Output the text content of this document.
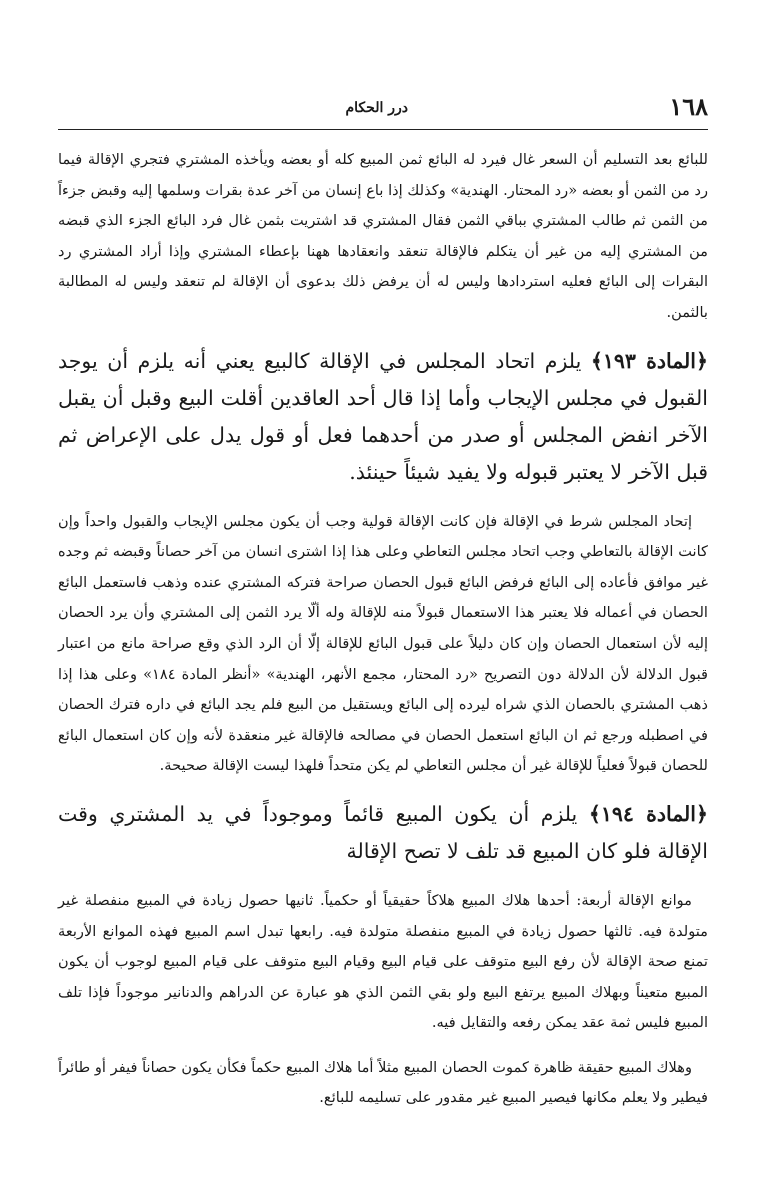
١٦٨
درر الحكام

للبائع بعد التسليم أن السعر غال فيرد له البائع ثمن المبيع كله أو بعضه ويأخذه المشتري فتجري الإقالة فيما رد من الثمن أو بعضه «رد المحتار. الهندية» وكذلك إذا باع إنسان من آخر عدة بقرات وسلمها إليه وقبض جزءاً من الثمن ثم طالب المشتري بباقي الثمن فقال المشتري قد اشتريت بثمن غال فرد البائع الجزء الذي قبضه من المشتري إليه من غير أن يتكلم فالإقالة تنعقد وانعقادها ههنا بإعطاء المشتري وإذا أراد المشتري رد البقرات إلى البائع فعليه استردادها وليس له أن يرفض ذلك بدعوى أن الإقالة لم تنعقد وليس له المطالبة بالثمن.

﴿المادة ١٩٣﴾ يلزم اتحاد المجلس في الإقالة كالبيع يعني أنه يلزم أن يوجد القبول في مجلس الإيجاب وأما إذا قال أحد العاقدين أقلت البيع وقبل أن يقبل الآخر انفض المجلس أو صدر من أحدهما فعل أو قول يدل على الإعراض ثم قبل الآخر لا يعتبر قبوله ولا يفيد شيئاً حينئذ.

إتحاد المجلس شرط في الإقالة فإن كانت الإقالة قولية وجب أن يكون مجلس الإيجاب والقبول واحداً وإن كانت الإقالة بالتعاطي وجب اتحاد مجلس التعاطي وعلى هذا إذا اشترى انسان من آخر حصاناً وقبضه ثم وجده غير موافق فأعاده إلى البائع فرفض البائع قبول الحصان صراحة فتركه المشتري عنده وذهب فاستعمل البائع الحصان في أعماله فلا يعتبر هذا الاستعمال قبولاً منه للإقالة وله ألّا يرد الثمن إلى المشتري وأن يرد الحصان إليه لأن استعمال الحصان وإن كان دليلاً على قبول البائع للإقالة إلّا أن الرد الذي وقع صراحة مانع من اعتبار قبول الدلالة لأن الدلالة دون التصريح «رد المحتار، مجمع الأنهر، الهندية» «أنظر المادة ١٨٤» وعلى هذا إذا ذهب المشتري بالحصان الذي شراه ليرده إلى البائع ويستقيل من البيع فلم يجد البائع في داره فترك الحصان في اصطبله ورجع ثم ان البائع استعمل الحصان في مصالحه فالإقالة غير منعقدة لأنه وإن كان استعمال البائع للحصان قبولاً فعلياً للإقالة غير أن مجلس التعاطي لم يكن متحداً فلهذا ليست الإقالة صحيحة.

﴿المادة ١٩٤﴾ يلزم أن يكون المبيع قائماً وموجوداً في يد المشتري وقت الإقالة فلو كان المبيع قد تلف لا تصح الإقالة

موانع الإقالة أربعة: أحدها هلاك المبيع هلاكاً حقيقياً أو حكمياً. ثانيها حصول زيادة في المبيع منفصلة غير متولدة فيه. ثالثها حصول زيادة في المبيع منفصلة متولدة فيه. رابعها تبدل اسم المبيع فهذه الموانع الأربعة تمنع صحة الإقالة لأن رفع البيع متوقف على قيام البيع وقيام البيع متوقف على قيام المبيع لوجوب أن يكون المبيع متعيناً وبهلاك المبيع يرتفع البيع ولو بقي الثمن الذي هو عبارة عن الدراهم والدنانير موجوداً فإذا تلف المبيع فليس ثمة عقد يمكن رفعه والتقايل فيه.

وهلاك المبيع حقيقة ظاهرة كموت الحصان المبيع مثلاً أما هلاك المبيع حكماً فكأن يكون حصاناً فيفر أو طائراً فيطير ولا يعلم مكانها فيصير المبيع غير مقدور على تسليمه للبائع.
